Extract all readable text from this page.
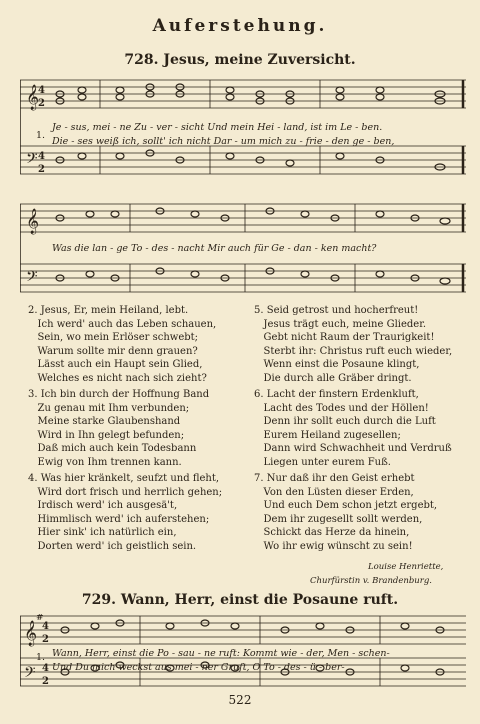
Auferstehung.
728. Jesus, meine Zuversicht.
𝄞
𝄢
4
2
4
2
1.
Je - sus, mei - ne Zu - ver - sicht Und mein Hei - land, ist im Le - ben.
Die - ses weiß ich, sollt' ich nicht Dar - um mich zu - frie - den ge - ben,
𝄞
𝄢
Was die lan - ge To - des - nacht Mir auch für Ge - dan - ken macht?
2. Jesus, Er, mein Heiland, lebt.
Ich werd' auch das Leben schauen,
Sein, wo mein Erlöser schwebt;
Warum sollte mir denn grauen?
Lässt auch ein Haupt sein Glied,
Welches es nicht nach sich zieht?
3. Ich bin durch der Hoffnung Band
Zu genau mit Ihm verbunden;
Meine starke Glaubenshand
Wird in Ihn gelegt befunden;
Daß mich auch kein Todesbann
Ewig von Ihm trennen kann.
4. Was hier kränkelt, seufzt und fleht,
Wird dort frisch und herrlich gehen;
Irdisch werd' ich ausgesä't,
Himmlisch werd' ich auferstehen;
Hier sink' ich natürlich ein,
Dorten werd' ich geistlich sein.
5. Seid getrost und hocherfreut!
Jesus trägt euch, meine Glieder.
Gebt nicht Raum der Traurigkeit!
Sterbt ihr: Christus ruft euch wieder,
Wenn einst die Posaune klingt,
Die durch alle Gräber dringt.
6. Lacht der finstern Erdenkluft,
Lacht des Todes und der Höllen!
Denn ihr sollt euch durch die Luft
Eurem Heiland zugesellen;
Dann wird Schwachheit und Verdruß
Liegen unter eurem Fuß.
7. Nur daß ihr den Geist erhebt
Von den Lüsten dieser Erden,
Und euch Dem schon jetzt ergebt,
Dem ihr zugesellt sollt werden,
Schickt das Herze da hinein,
Wo ihr ewig wünscht zu sein!
Louise Henriette,
Churfürstin v. Brandenburg.
729. Wann, Herr, einst die Posaune ruft.
𝄞
𝄢
#
4
2
4
2
1. Wann, Herr, einst die Po - sau - ne ruft: Kommt wie - der, Men - schen-
Und Du mich weckst aus mei - ner Gruft, O To - des - ü - ber-
522
